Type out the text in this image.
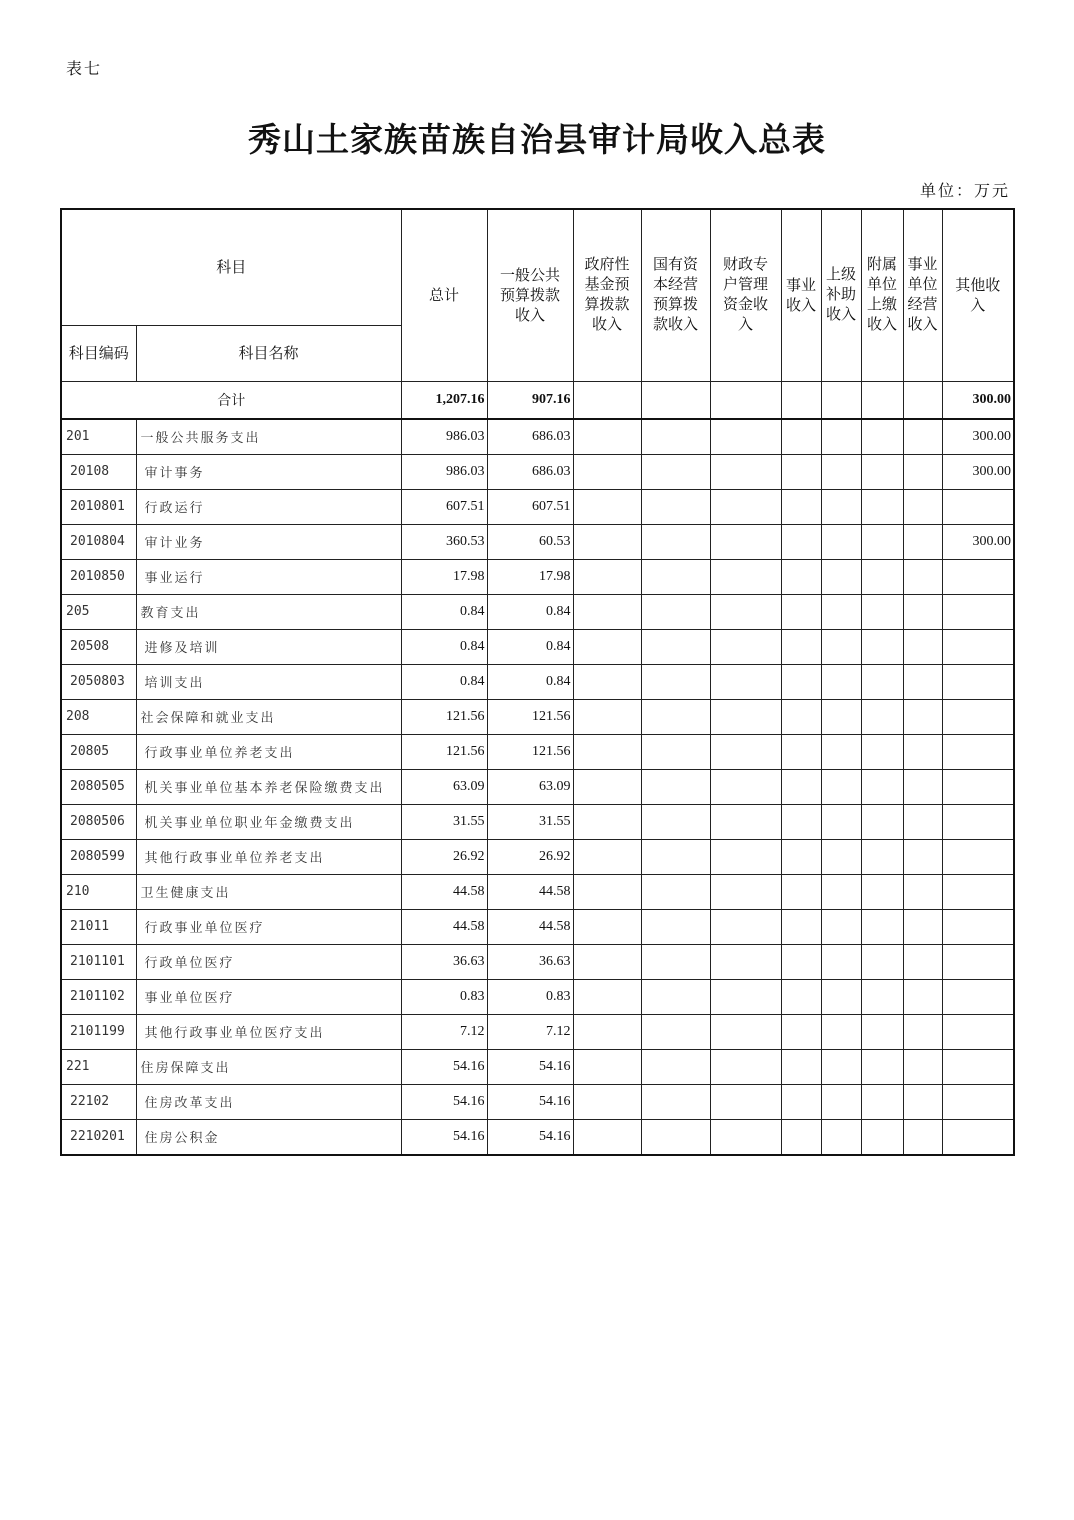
表七
秀山土家族苗族自治县审计局收入总表
单位：万元
科目		总计	一般公共预算拨款收入	政府性基金预算拨款收入	国有资本经营预算拨款收入	财政专户管理资金收入	事业收入	上级补助收入	附属单位上缴收入	事业单位经营收入	其他收入
科目编码	科目名称										
合计		1,207.16	907.16								300.00
201	一般公共服务支出	986.03	686.03								300.00
20108	审计事务	986.03	686.03								300.00
2010801	行政运行	607.51	607.51								
2010804	审计业务	360.53	60.53								300.00
2010850	事业运行	17.98	17.98								
205	教育支出	0.84	0.84								
20508	进修及培训	0.84	0.84								
2050803	培训支出	0.84	0.84								
208	社会保障和就业支出	121.56	121.56								
20805	行政事业单位养老支出	121.56	121.56								
2080505	机关事业单位基本养老保险缴费支出	63.09	63.09								
2080506	机关事业单位职业年金缴费支出	31.55	31.55								
2080599	其他行政事业单位养老支出	26.92	26.92								
210	卫生健康支出	44.58	44.58								
21011	行政事业单位医疗	44.58	44.58								
2101101	行政单位医疗	36.63	36.63								
2101102	事业单位医疗	0.83	0.83								
2101199	其他行政事业单位医疗支出	7.12	7.12								
221	住房保障支出	54.16	54.16								
22102	住房改革支出	54.16	54.16								
2210201	住房公积金	54.16	54.16								
